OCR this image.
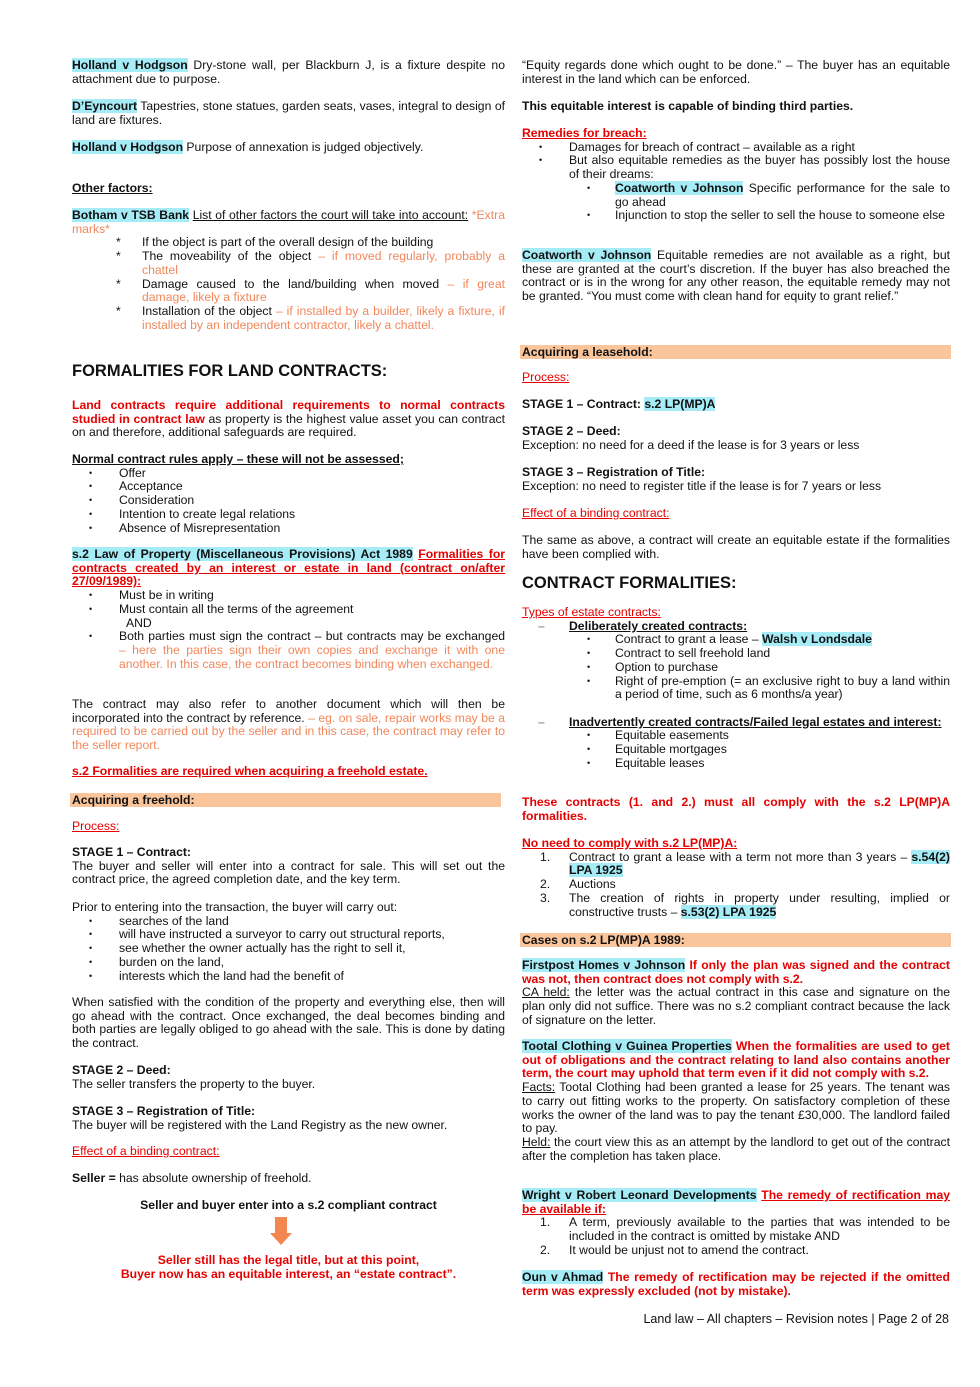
Holland v Hodgson Dry-stone wall, per Blackburn J, is a fixture despite no attachment due to purpose.
D’Eyncourt Tapestries, stone statues, garden seats, vases, integral to design of land are fixtures.
Holland v Hodgson Purpose of annexation is judged objectively.
Other factors:
Botham v TSB Bank List of other factors the court will take into account: *Extra marks*
* If the object is part of the overall design of the building
* The moveability of the object – if moved regularly, probably a chattel
* Damage caused to the land/building when moved – if great damage, likely a fixture
* Installation of the object – if installed by a builder, likely a fixture, if installed by an independent contractor, likely a chattel.
FORMALITIES FOR LAND CONTRACTS:
Land contracts require additional requirements to normal contracts studied in contract law as property is the highest value asset you can contract on and therefore, additional safeguards are required.
Normal contract rules apply – these will not be assessed;
• Offer
• Acceptance
• Consideration
• Intention to create legal relations
• Absence of Misrepresentation
s.2 Law of Property (Miscellaneous Provisions) Act 1989 Formalities for contracts created by an interest or estate in land (contract on/after 27/09/1989):
• Must be in writing
• Must contain all the terms of the agreement
AND
• Both parties must sign the contract – but contracts may be exchanged – here the parties sign their own copies and exchange it with one another. In this case, the contract becomes binding when exchanged.
The contract may also refer to another document which will then be incorporated into the contract by reference. – eg. on sale, repair works may be a required to be carried out by the seller and in this case, the contract may refer to the seller report.
s.2 Formalities are required when acquiring a freehold estate.
Acquiring a freehold:
Process:
STAGE 1 – Contract:
The buyer and seller will enter into a contract for sale. This will set out the contract price, the agreed completion date, and the key term.
Prior to entering into the transaction, the buyer will carry out:
• searches of the land
• will have instructed a surveyor to carry out structural reports,
• see whether the owner actually has the right to sell it,
• burden on the land,
• interests which the land had the benefit of
When satisfied with the condition of the property and everything else, then will go ahead with the contract. Once exchanged, the deal becomes binding and both parties are legally obliged to go ahead with the sale. This is done by dating the contract.
STAGE 2 – Deed:
The seller transfers the property to the buyer.
STAGE 3 – Registration of Title:
The buyer will be registered with the Land Registry as the new owner.
Effect of a binding contract:
Seller = has absolute ownership of freehold.
Seller and buyer enter into a s.2 compliant contract
Seller still has the legal title, but at this point,
Buyer now has an equitable interest, an “estate contract”.
“Equity regards done which ought to be done.” – The buyer has an equitable interest in the land which can be enforced.
This equitable interest is capable of binding third parties.
Remedies for breach:
• Damages for breach of contract – available as a right
• But also equitable remedies as the buyer has possibly lost the house of their dreams:
• Coatworth v Johnson Specific performance for the sale to go ahead
• Injunction to stop the seller to sell the house to someone else
Coatworth v Johnson Equitable remedies are not available as a right, but these are granted at the court’s discretion. If the buyer has also breached the contract or is in the wrong for any other reason, the equitable remedy may not be granted. “You must come with clean hand for equity to grant relief.”
Acquiring a leasehold:
Process:
STAGE 1 – Contract: s.2 LP(MP)A
STAGE 2 – Deed:
Exception: no need for a deed if the lease is for 3 years or less
STAGE 3 – Registration of Title:
Exception: no need to register title if the lease is for 7 years or less
Effect of a binding contract:
The same as above, a contract will create an equitable estate if the formalities have been complied with.
CONTRACT FORMALITIES:
Types of estate contracts:
– Deliberately created contracts:
• Contract to grant a lease – Walsh v Londsdale
• Contract to sell freehold land
• Option to purchase
• Right of pre-emption (= an exclusive right to buy a land within a period of time, such as 6 months/a year)
– Inadvertently created contracts/Failed legal estates and interest:
• Equitable easements
• Equitable mortgages
• Equitable leases
These contracts (1. and 2.) must all comply with the s.2 LP(MP)A formalities.
No need to comply with s.2 LP(MP)A:
1. Contract to grant a lease with a term not more than 3 years – s.54(2) LPA 1925
2. Auctions
3. The creation of rights in property under resulting, implied or constructive trusts – s.53(2) LPA 1925
Cases on s.2 LP(MP)A 1989:
Firstpost Homes v Johnson If only the plan was signed and the contract was not, then contract does not comply with s.2.
CA held: the letter was the actual contract in this case and signature on the plan only did not suffice. There was no s.2 compliant contract because the lack of signature on the letter.
Tootal Clothing v Guinea Properties When the formalities are used to get out of obligations and the contract relating to land also contains another term, the court may uphold that term even if it did not comply with s.2.
Facts: Tootal Clothing had been granted a lease for 25 years. The tenant was to carry out fitting works to the property. On satisfactory completion of these works the owner of the land was to pay the tenant £30,000. The landlord failed to pay.
Held: the court view this as an attempt by the landlord to get out of the contract after the completion has taken place.
Wright v Robert Leonard Developments The remedy of rectification may be available if:
1. A term, previously available to the parties that was intended to be included in the contract is omitted by mistake AND
2. It would be unjust not to amend the contract.
Oun v Ahmad The remedy of rectification may be rejected if the omitted term was expressly excluded (not by mistake).
Land law – All chapters – Revision notes | Page 2 of 28
